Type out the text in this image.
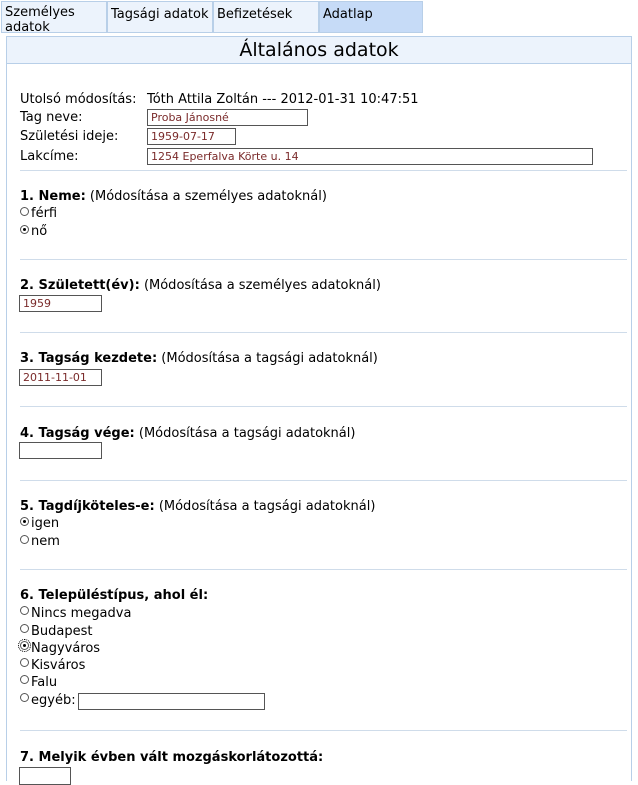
Személyes adatok
Tagsági adatok Befizetések	Adatlap
Általános adatok
Utolsó módosítás: Tóth Attila Zoltán --- 2012-01-31 10:47:51
Tag neve:	Proba Jánosné
Születési ideje:	1959-07-17
Lakcíme:	1254 Eperfalva Körte u. 14
1. Neme: (Módosítása a személyes adatoknál)
férfi
nő
2. Született(év): (Módosítása a személyes adatoknál)
1959
3. Tagság kezdete: (Módosítása a tagsági adatoknál)
2011-11-01
4. Tagság vége: (Módosítása a tagsági adatoknál)
5. Tagdíjköteles-e: (Módosítása a tagsági adatoknál)
igen
nem
6. Településtípus, ahol él:
Nincs megadva
Budapest
Nagyváros
Kisváros
Falu
egyéb:
7. Melyik évben vált mozgáskorlátozottá:
